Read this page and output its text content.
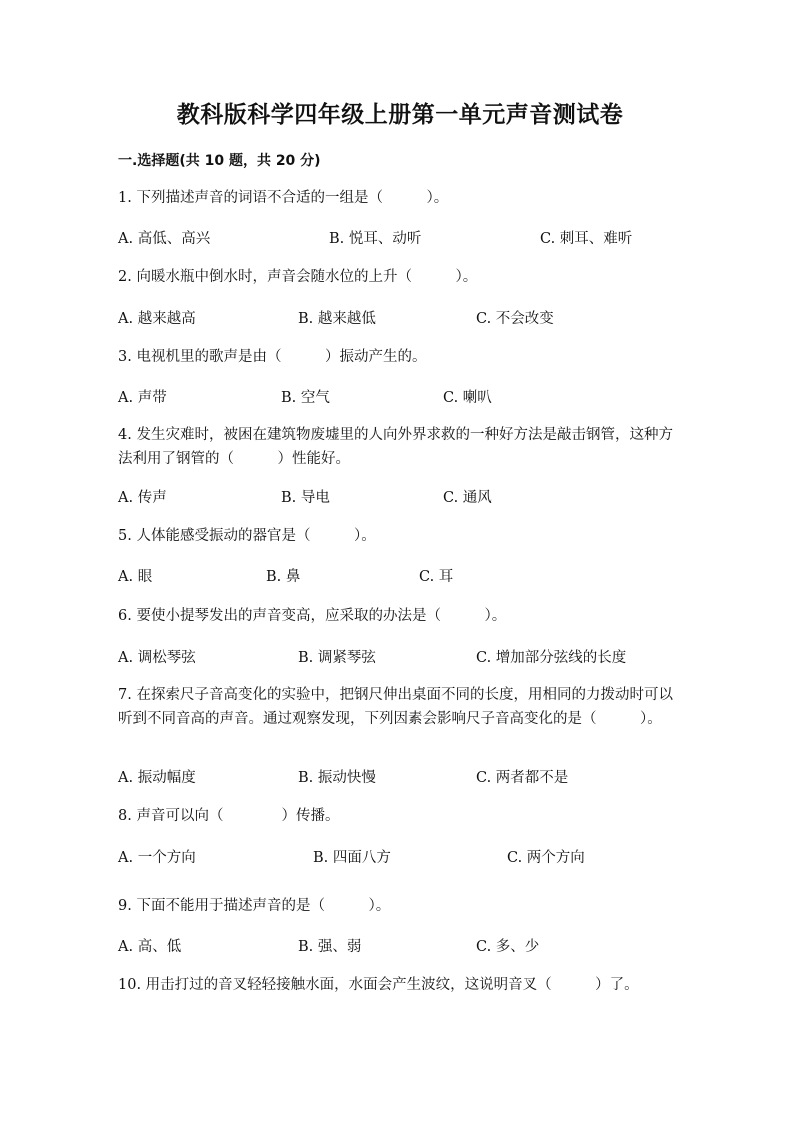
教科版科学四年级上册第一单元声音测试卷
一.选择题(共 10 题，共 20 分)
1. 下列描述声音的词语不合适的一组是（　　　）。
A. 高低、高兴	B. 悦耳、动听	C. 刺耳、难听
2. 向暖水瓶中倒水时，声音会随水位的上升（　　　）。
A. 越来越高	B. 越来越低	C. 不会改变
3. 电视机里的歌声是由（　　　）振动产生的。
A. 声带	B. 空气	C. 喇叭
4. 发生灾难时，被困在建筑物废墟里的人向外界求救的一种好方法是敲击钢管，这种方法利用了钢管的（　　　）性能好。
A. 传声	B. 导电	C. 通风
5. 人体能感受振动的器官是（　　　）。
A. 眼	B. 鼻	C. 耳
6. 要使小提琴发出的声音变高，应采取的办法是（　　　）。
A. 调松琴弦	B. 调紧琴弦	C. 增加部分弦线的长度
7. 在探索尺子音高变化的实验中，把钢尺伸出桌面不同的长度，用相同的力拨动时可以听到不同音高的声音。通过观察发现，下列因素会影响尺子音高变化的是（　　　）。
A. 振动幅度	B. 振动快慢	C. 两者都不是
8. 声音可以向（　　　　）传播。
A. 一个方向	B. 四面八方	C. 两个方向
9. 下面不能用于描述声音的是（　　　）。
A. 高、低	B. 强、弱	C. 多、少
10. 用击打过的音叉轻轻接触水面，水面会产生波纹，这说明音叉（　　　）了。
